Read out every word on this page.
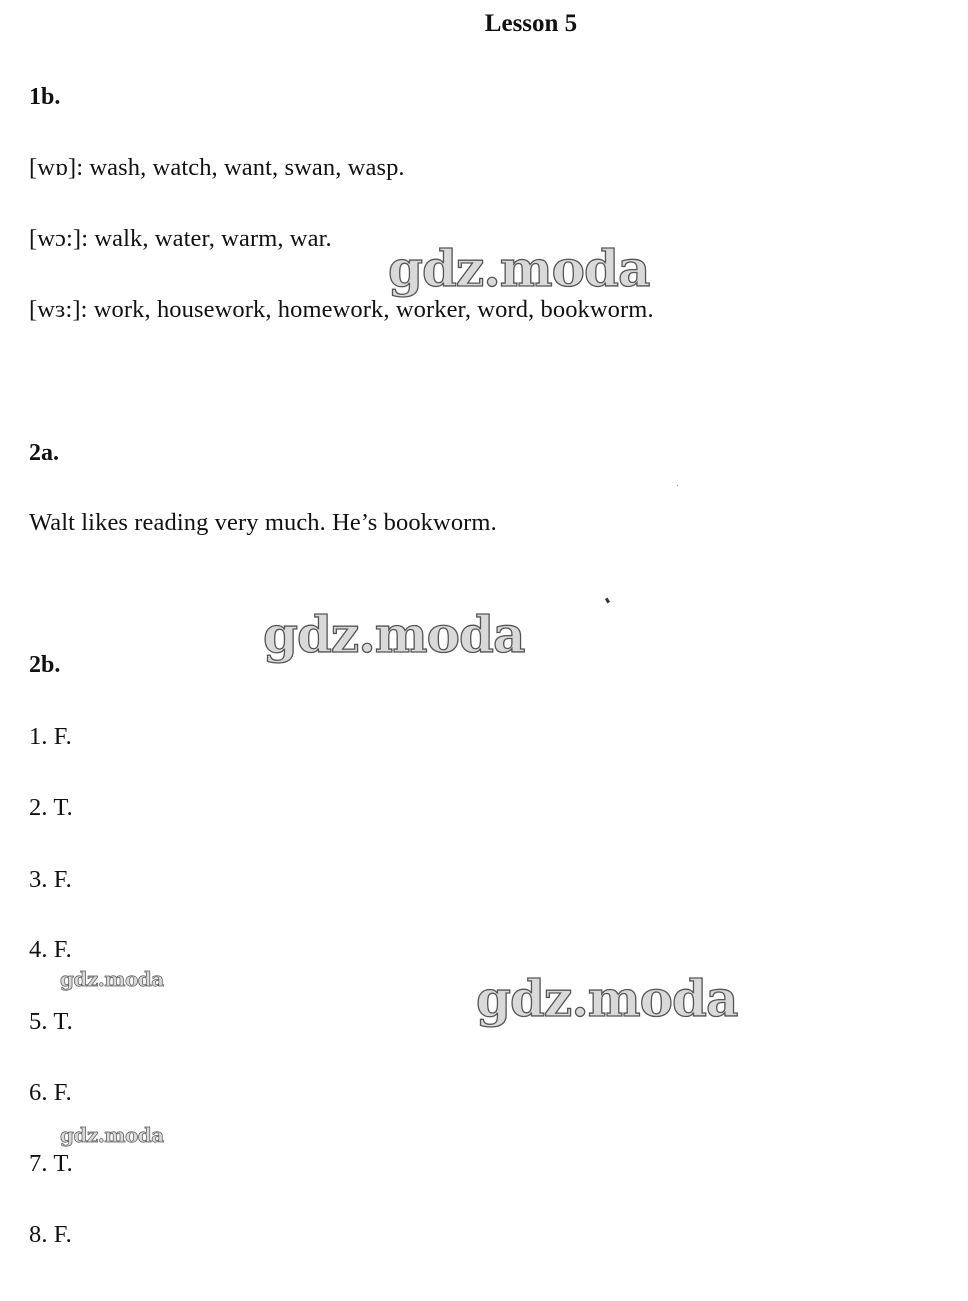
Lesson 5
1b.
[wɒ]: wash, watch, want, swan, wasp.
[wɔ:]: walk, water, warm, war.
[wɜ:]: work, housework, homework, worker, word, bookworm.
2a.
Walt likes reading very much. He’s bookworm.
2b.
1. F.
2. T.
3. F.
4. F.
5. T.
6. F.
7. T.
8. F.
gdz.moda
gdz.moda
gdz.moda
gdz.moda
gdz.moda
